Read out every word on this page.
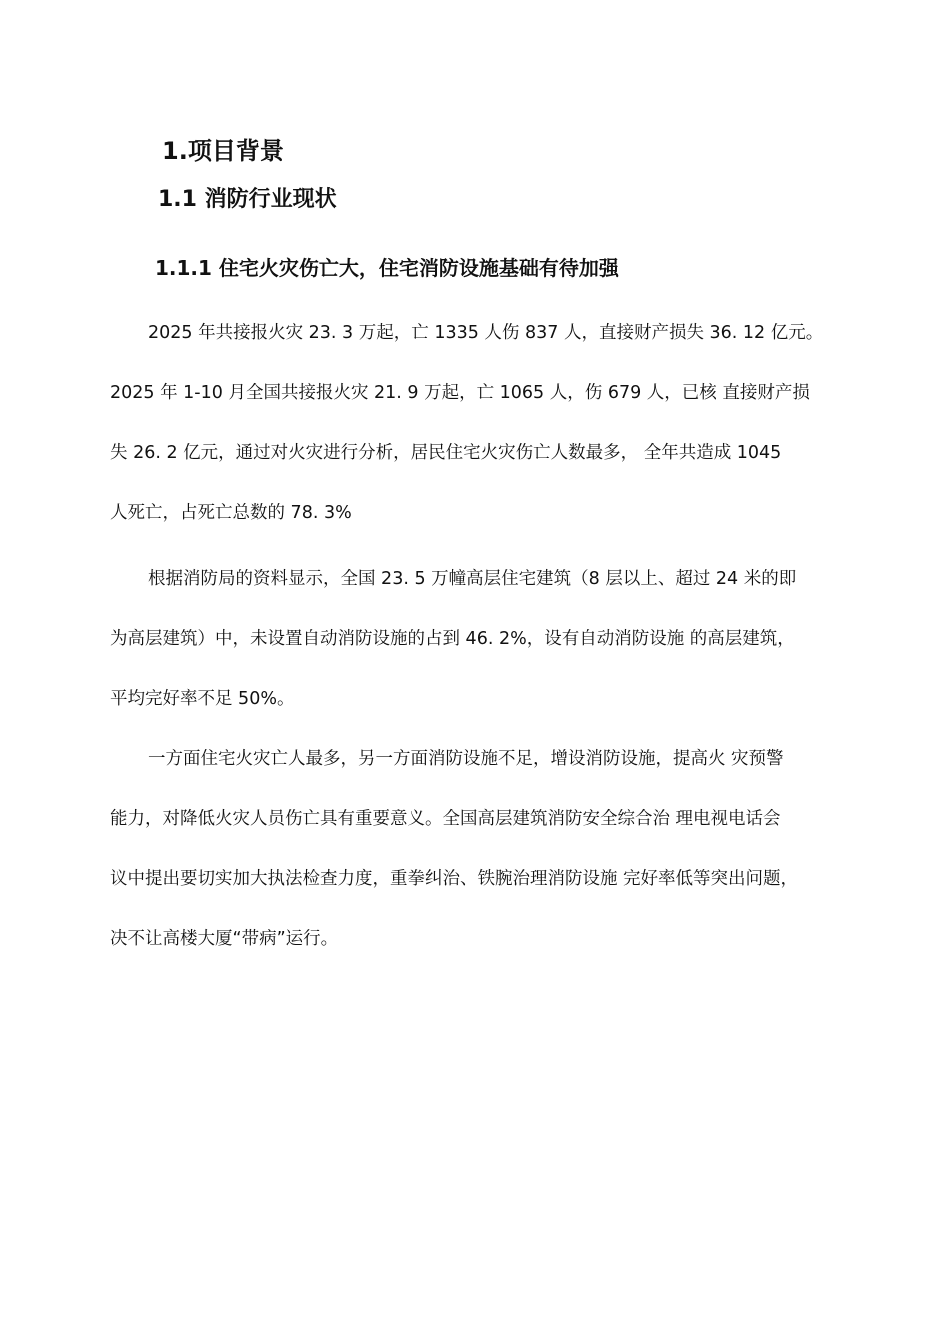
1.项目背景
1.1 消防行业现状
1.1.1 住宅火灾伤亡大，住宅消防设施基础有待加强
2025 年共接报火灾 23. 3 万起，亡 1335 人伤 837 人，直接财产损失 36. 12 亿元。
2025 年 1-10 月全国共接报火灾 21. 9 万起，亡 1065 人，伤 679 人，已核 直接财产损
失 26. 2 亿元，通过对火灾进行分析，居民住宅火灾伤亡人数最多， 全年共造成 1045
人死亡，占死亡总数的 78. 3%
根据消防局的资料显示，全国 23. 5 万幢高层住宅建筑（8 层以上、超过 24 米的即
为高层建筑）中，未设置自动消防设施的占到 46. 2%，设有自动消防设施 的高层建筑，
平均完好率不足 50%。
一方面住宅火灾亡人最多，另一方面消防设施不足，增设消防设施，提高火 灾预警
能力，对降低火灾人员伤亡具有重要意义。全国高层建筑消防安全综合治 理电视电话会
议中提出要切实加大执法检查力度，重拳纠治、铁腕治理消防设施 完好率低等突出问题，
决不让高楼大厦“带病”运行。
